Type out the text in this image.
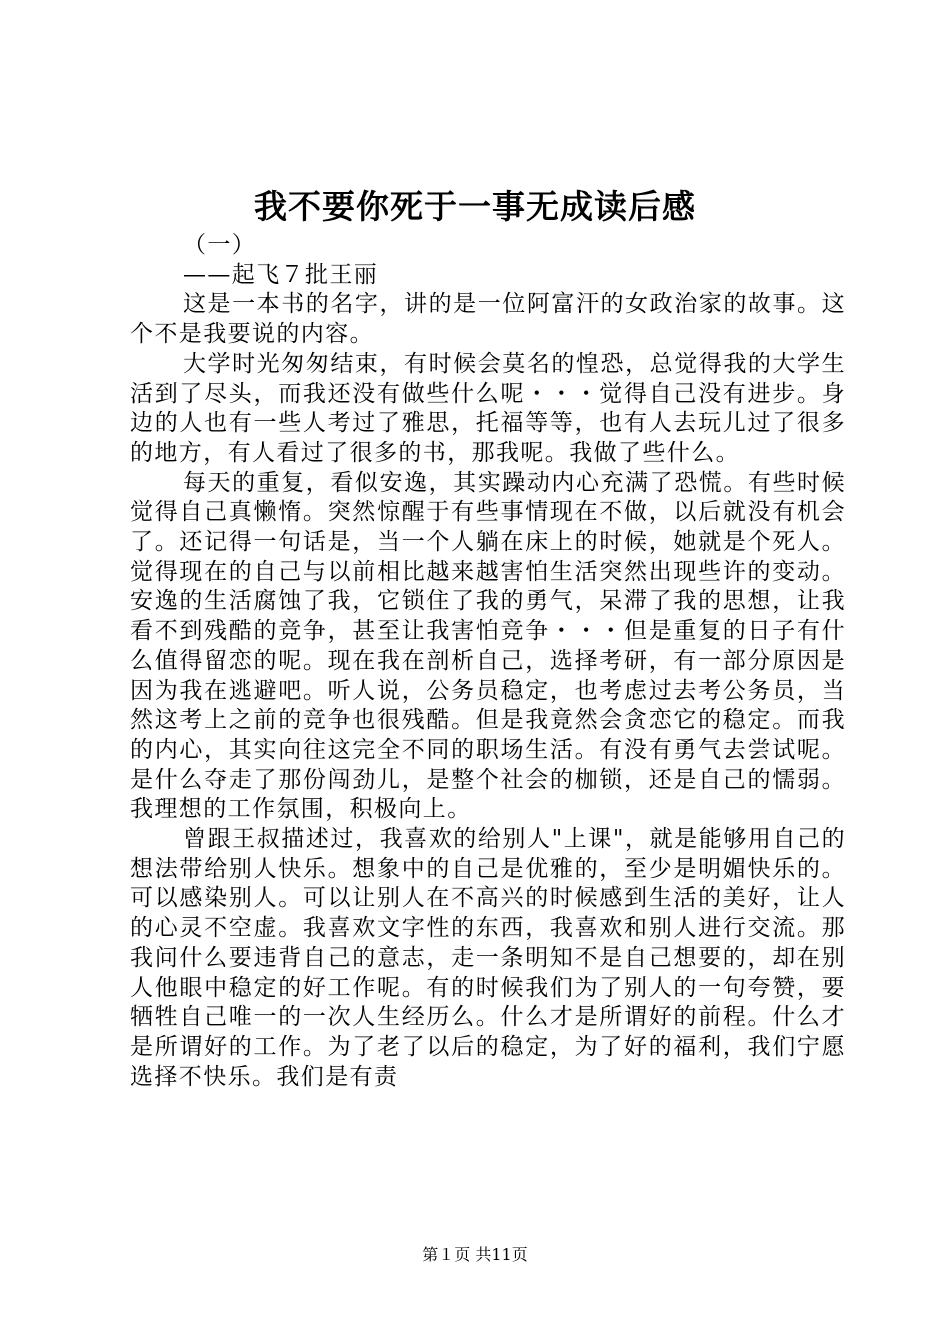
我不要你死于一事无成读后感

（一）

——起飞７批王丽

这是一本书的名字，讲的是一位阿富汗的女政治家的故事。这个不是我要说的内容。

大学时光匆匆结束，有时候会莫名的惶恐，总觉得我的大学生活到了尽头，而我还没有做些什么呢・・・觉得自己没有进步。身边的人也有一些人考过了雅思，托福等等，也有人去玩儿过了很多的地方，有人看过了很多的书，那我呢。我做了些什么。

每天的重复，看似安逸，其实躁动内心充满了恐慌。有些时候觉得自己真懒惰。突然惊醒于有些事情现在不做，以后就没有机会了。还记得一句话是，当一个人躺在床上的时候，她就是个死人。觉得现在的自己与以前相比越来越害怕生活突然出现些许的变动。安逸的生活腐蚀了我，它锁住了我的勇气，呆滞了我的思想，让我看不到残酷的竞争，甚至让我害怕竞争・・・但是重复的日子有什么值得留恋的呢。现在我在剖析自己，选择考研，有一部分原因是因为我在逃避吧。听人说，公务员稳定，也考虑过去考公务员，当然这考上之前的竞争也很残酷。但是我竟然会贪恋它的稳定。而我的内心，其实向往这完全不同的职场生活。有没有勇气去尝试呢。是什么夺走了那份闯劲儿，是整个社会的枷锁，还是自己的懦弱。我理想的工作氛围，积极向上。

曾跟王叔描述过，我喜欢的给别人"上课"，就是能够用自己的想法带给别人快乐。想象中的自己是优雅的，至少是明媚快乐的。可以感染别人。可以让别人在不高兴的时候感到生活的美好，让人的心灵不空虚。我喜欢文字性的东西，我喜欢和别人进行交流。那我问什么要违背自己的意志，走一条明知不是自己想要的，却在别人他眼中稳定的好工作呢。有的时候我们为了别人的一句夸赞，要牺牲自己唯一的一次人生经历么。什么才是所谓好的前程。什么才是所谓好的工作。为了老了以后的稳定，为了好的福利，我们宁愿选择不快乐。我们是有责

第１页 共11页
